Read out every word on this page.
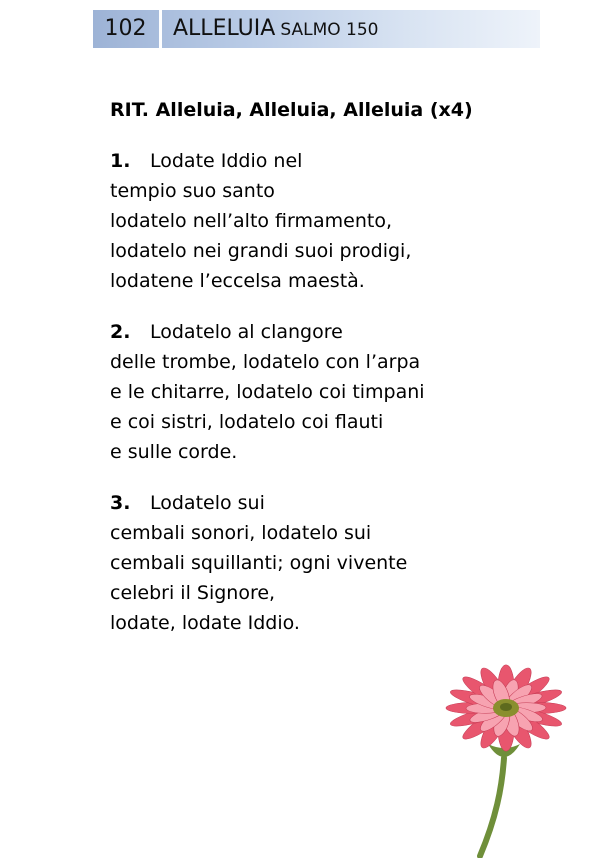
102	ALLELUIA SALMO 150
RIT. Alleluia, Alleluia, Alleluia (x4)
1. Lodate Iddio nel
tempio suo santo
lodatelo nell’alto firmamento,
lodatelo nei grandi suoi prodigi,
lodatene l’eccelsa maestà.
2. Lodatelo al clangore
delle trombe, lodatelo con l’arpa
e le chitarre, lodatelo coi timpani
e coi sistri, lodatelo coi flauti
e sulle corde.
3. Lodatelo sui
cembali sonori, lodatelo sui
cembali squillanti; ogni vivente
celebri il Signore,
lodate, lodate Iddio.
